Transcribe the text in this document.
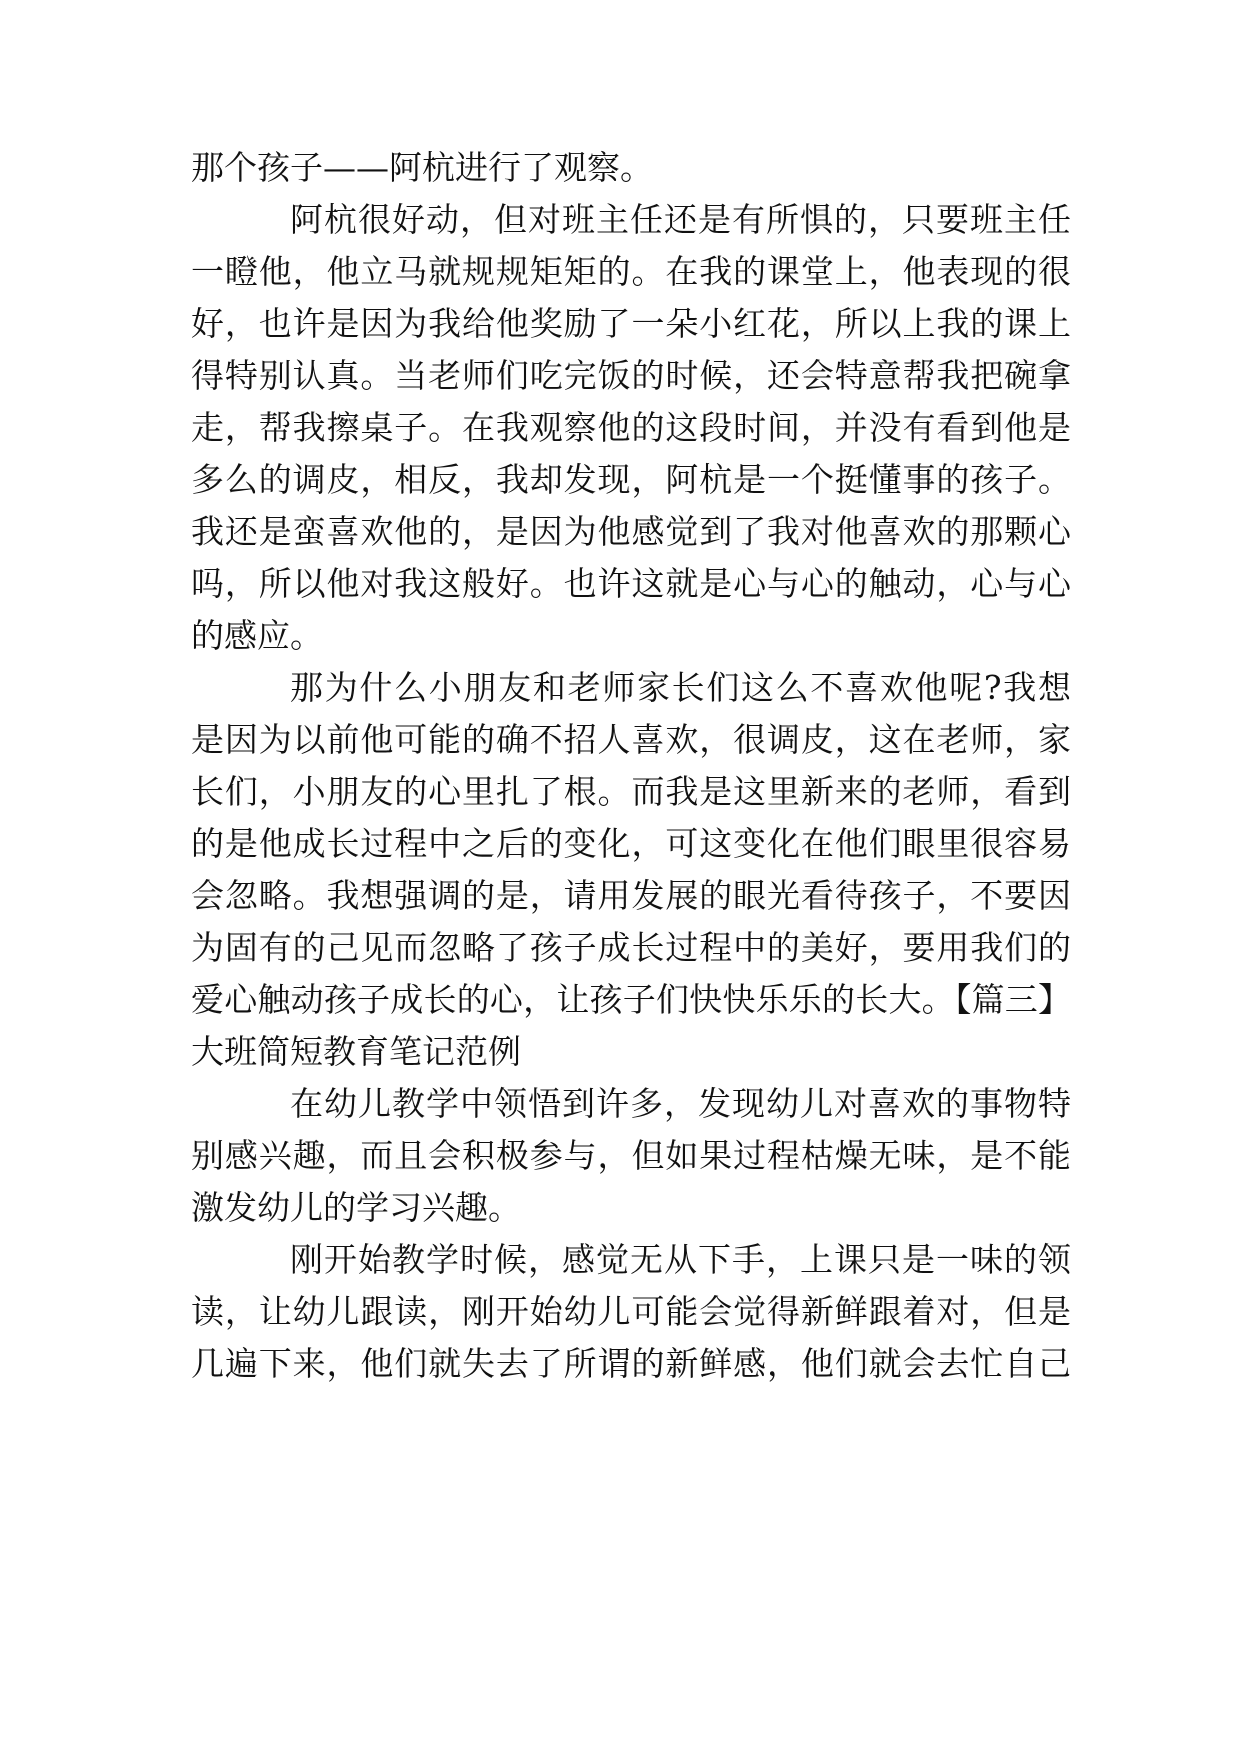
那个孩子——阿杭进行了观察。

阿杭很好动，但对班主任还是有所惧的，只要班主任

一瞪他，他立马就规规矩矩的。在我的课堂上，他表现的很

好，也许是因为我给他奖励了一朵小红花，所以上我的课上

得特别认真。当老师们吃完饭的时候，还会特意帮我把碗拿

走，帮我擦桌子。在我观察他的这段时间，并没有看到他是

多么的调皮，相反，我却发现，阿杭是一个挺懂事的孩子。

我还是蛮喜欢他的，是因为他感觉到了我对他喜欢的那颗心

吗，所以他对我这般好。也许这就是心与心的触动，心与心

的感应。

那为什么小朋友和老师家长们这么不喜欢他呢?我想

是因为以前他可能的确不招人喜欢，很调皮，这在老师，家

长们，小朋友的心里扎了根。而我是这里新来的老师，看到

的是他成长过程中之后的变化，可这变化在他们眼里很容易

会忽略。我想强调的是，请用发展的眼光看待孩子，不要因

为固有的己见而忽略了孩子成长过程中的美好，要用我们的

爱心触动孩子成长的心，让孩子们快快乐乐的长大。【篇三】

大班简短教育笔记范例

在幼儿教学中领悟到许多，发现幼儿对喜欢的事物特

别感兴趣，而且会积极参与，但如果过程枯燥无味，是不能

激发幼儿的学习兴趣。

刚开始教学时候，感觉无从下手，上课只是一味的领

读，让幼儿跟读，刚开始幼儿可能会觉得新鲜跟着对，但是

几遍下来，他们就失去了所谓的新鲜感，他们就会去忙自己
